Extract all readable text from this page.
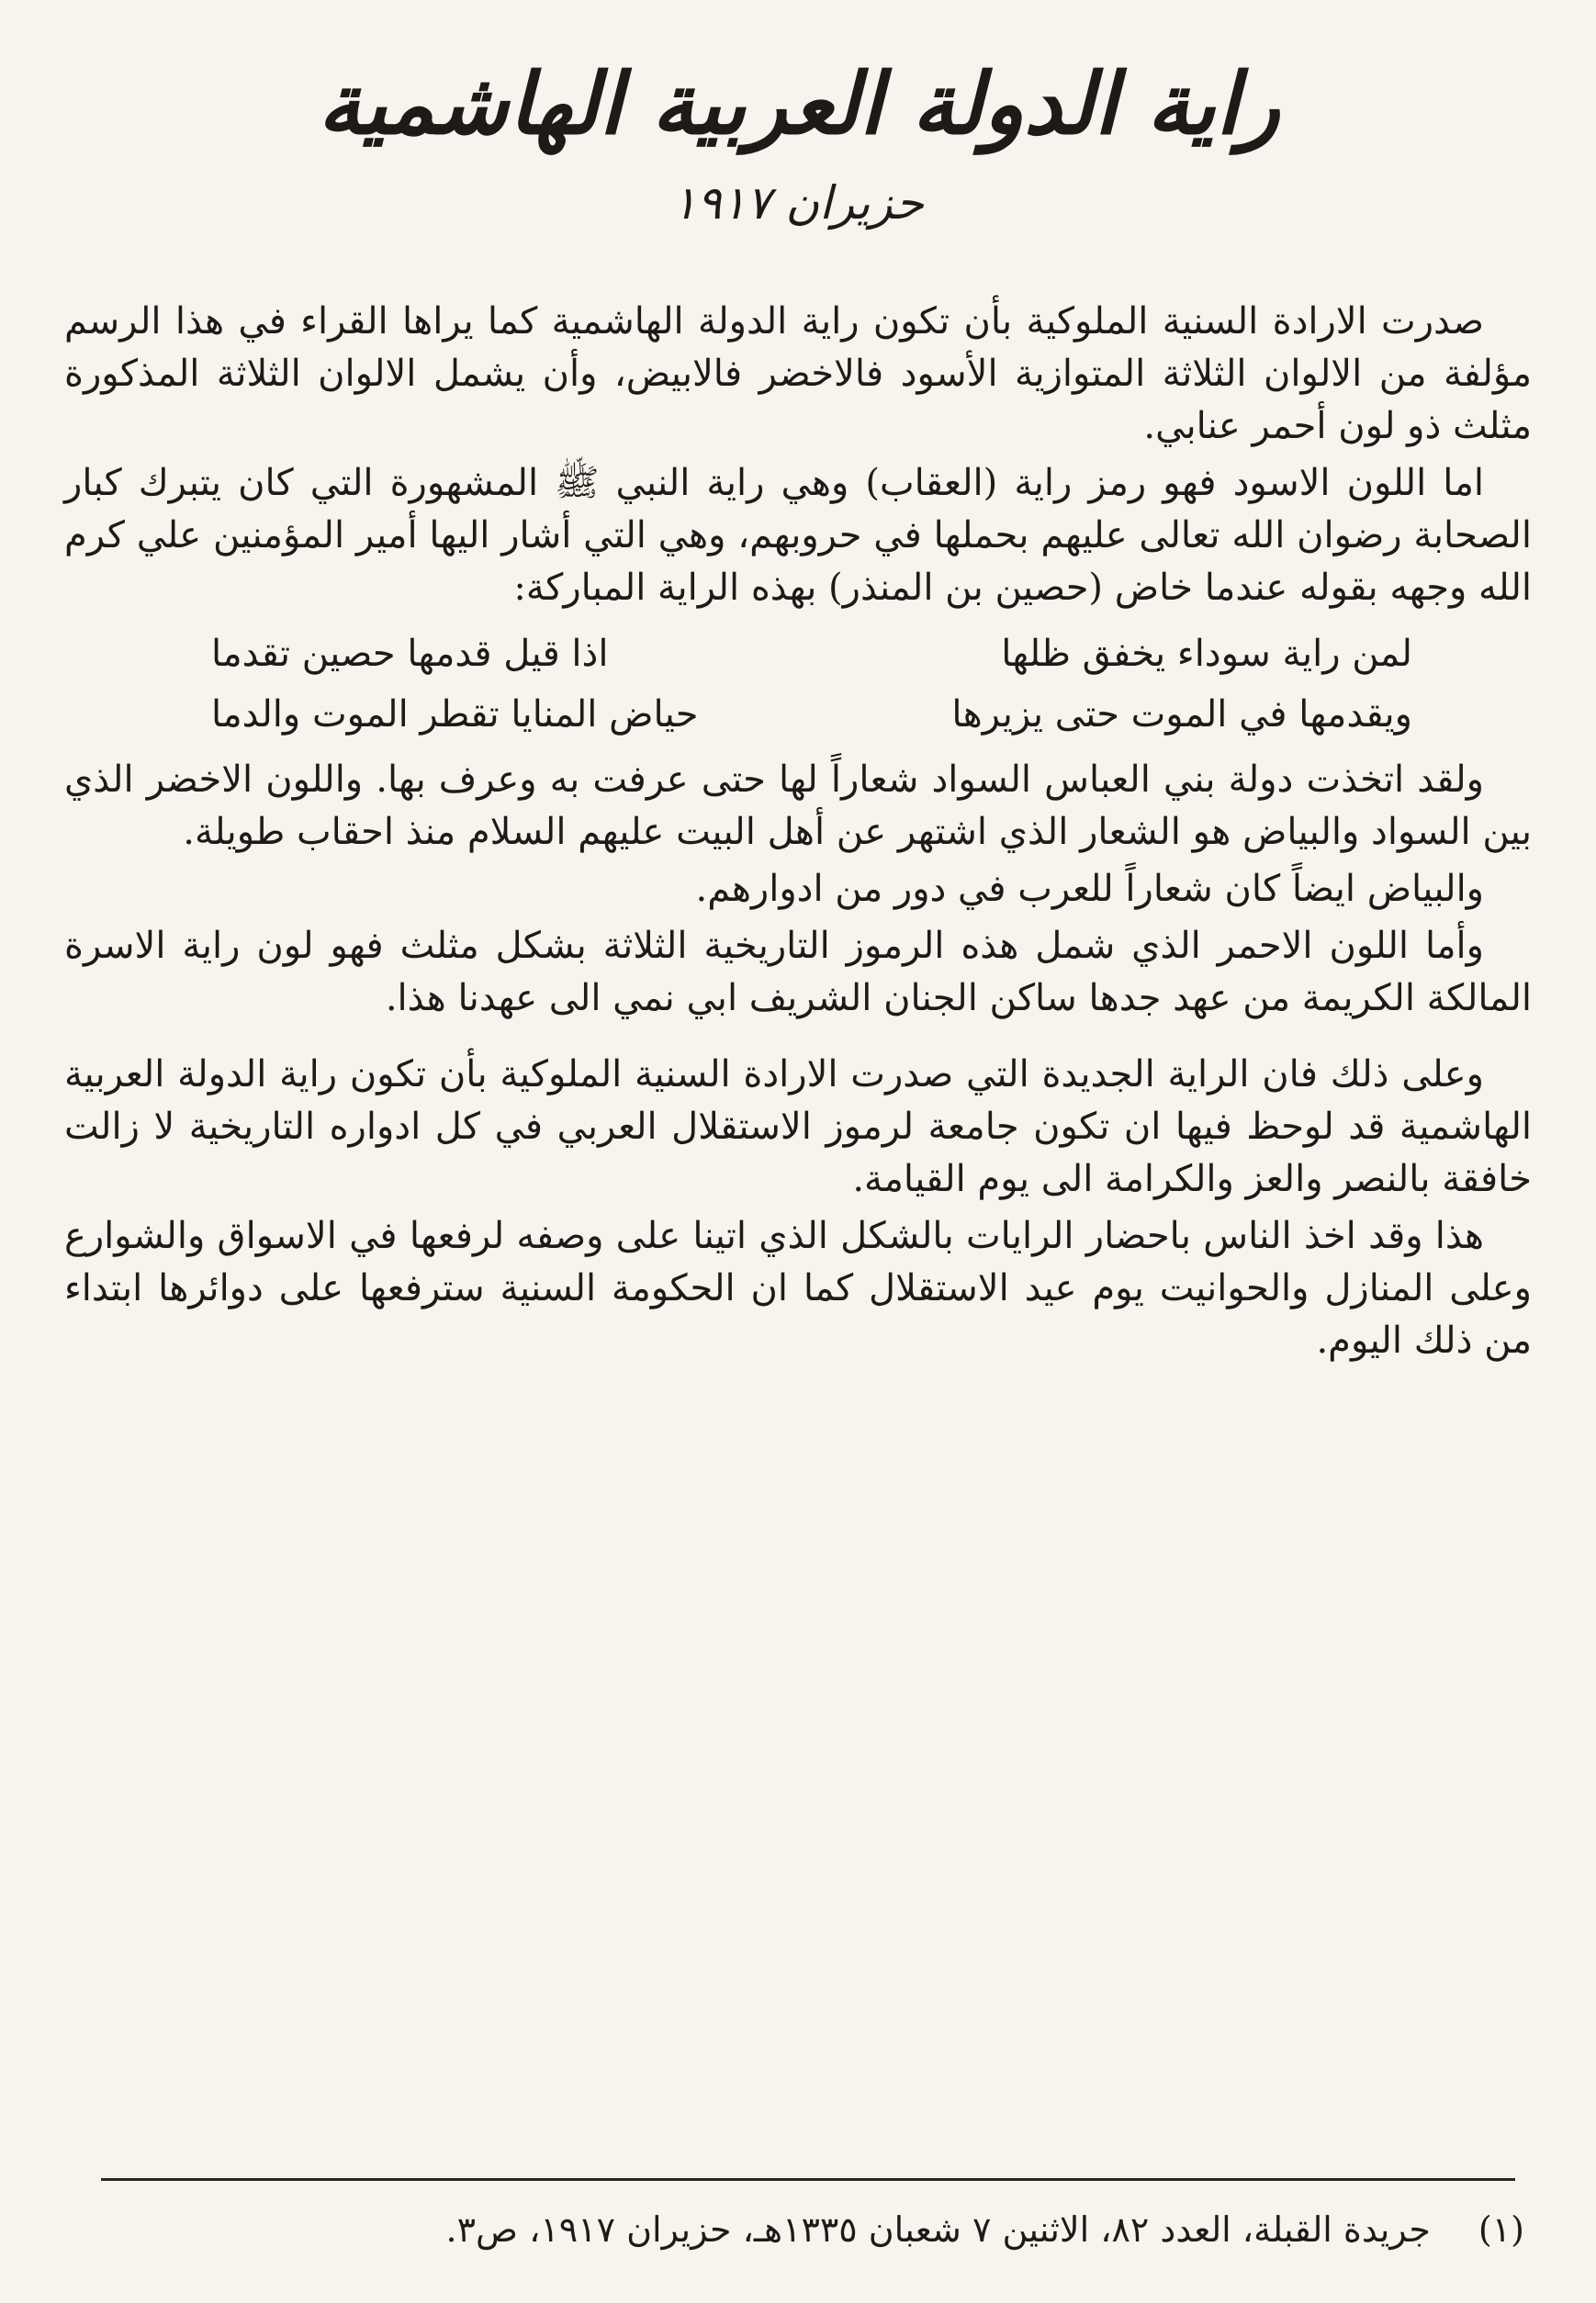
راية الدولة العربية الهاشمية
حزيران ١٩١٧

صدرت الارادة السنية الملوكية بأن تكون راية الدولة الهاشمية كما يراها القراء في هذا الرسم مؤلفة من الالوان الثلاثة المتوازية الأسود فالاخضر فالابيض، وأن يشمل الالوان الثلاثة المذكورة مثلث ذو لون أحمر عنابي.

اما اللون الاسود فهو رمز راية (العقاب) وهي راية النبي ﷺ المشهورة التي كان يتبرك كبار الصحابة رضوان الله تعالى عليهم بحملها في حروبهم، وهي التي أشار اليها أمير المؤمنين علي كرم الله وجهه بقوله عندما خاض (حصين بن المنذر) بهذه الراية المباركة:

لمن راية سوداء يخفق ظلها
اذا قيل قدمها حصين تقدما
ويقدمها في الموت حتى يزيرها
حياض المنايا تقطر الموت والدما

ولقد اتخذت دولة بني العباس السواد شعاراً لها حتى عرفت به وعرف بها. واللون الاخضر الذي بين السواد والبياض هو الشعار الذي اشتهر عن أهل البيت عليهم السلام منذ احقاب طويلة.

والبياض ايضاً كان شعاراً للعرب في دور من ادوارهم.

وأما اللون الاحمر الذي شمل هذه الرموز التاريخية الثلاثة بشكل مثلث فهو لون راية الاسرة المالكة الكريمة من عهد جدها ساكن الجنان الشريف ابي نمي الى عهدنا هذا.

وعلى ذلك فان الراية الجديدة التي صدرت الارادة السنية الملوكية بأن تكون راية الدولة العربية الهاشمية قد لوحظ فيها ان تكون جامعة لرموز الاستقلال العربي في كل ادواره التاريخية لا زالت خافقة بالنصر والعز والكرامة الى يوم القيامة.

هذا وقد اخذ الناس باحضار الرايات بالشكل الذي اتينا على وصفه لرفعها في الاسواق والشوارع وعلى المنازل والحوانيت يوم عيد الاستقلال كما ان الحكومة السنية سترفعها على دوائرها ابتداء من ذلك اليوم.

(١) جريدة القبلة، العدد ٨٢، الاثنين ٧ شعبان ١٣٣٥هـ، حزيران ١٩١٧، ص٣.
